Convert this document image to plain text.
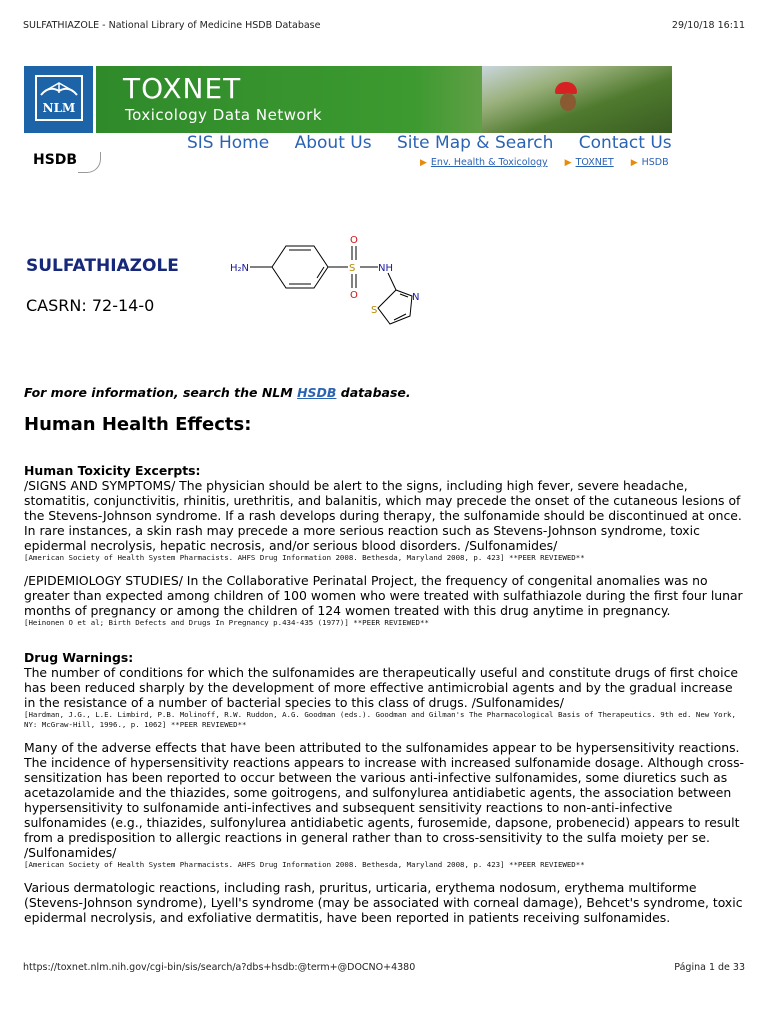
SULFATHIAZOLE - National Library of Medicine HSDB Database	29/10/18 16:11
NLM
TOXNET
Toxicology Data Network
SIS Home About Us Site Map & Search Contact Us
HSDB	▶ Env. Health & Toxicology ▶ TOXNET ▶ HSDB
SULFATHIAZOLE
CASRN: 72-14-0
H₂N	S
O
O
NH
N
S
For more information, search the NLM HSDB database.
Human Health Effects:
Human Toxicity Excerpts:

/SIGNS AND SYMPTOMS/ The physician should be alert to the signs, including high fever, severe headache, stomatitis, conjunctivitis, rhinitis, urethritis, and balanitis, which may precede the onset of the cutaneous lesions of the Stevens-Johnson syndrome. If a rash develops during therapy, the sulfonamide should be discontinued at once. In rare instances, a skin rash may precede a more serious reaction such as Stevens-Johnson syndrome, toxic epidermal necrolysis, hepatic necrosis, and/or serious blood disorders. /Sulfonamides/

[American Society of Health System Pharmacists. AHFS Drug Information 2008. Bethesda, Maryland 2008, p. 423] **PEER REVIEWED**

/EPIDEMIOLOGY STUDIES/ In the Collaborative Perinatal Project, the frequency of congenital anomalies was no greater than expected among children of 100 women who were treated with sulfathiazole during the first four lunar months of pregnancy or among the children of 124 women treated with this drug anytime in pregnancy.

[Heinonen O et al; Birth Defects and Drugs In Pregnancy p.434-435 (1977)] **PEER REVIEWED**

Drug Warnings:

The number of conditions for which the sulfonamides are therapeutically useful and constitute drugs of first choice has been reduced sharply by the development of more effective antimicrobial agents and by the gradual increase in the resistance of a number of bacterial species to this class of drugs. /Sulfonamides/

[Hardman, J.G., L.E. Limbird, P.B. Molinoff, R.W. Ruddon, A.G. Goodman (eds.). Goodman and Gilman's The Pharmacological Basis of Therapeutics. 9th ed. New York, NY: McGraw-Hill, 1996., p. 1062] **PEER REVIEWED**

Many of the adverse effects that have been attributed to the sulfonamides appear to be hypersensitivity reactions. The incidence of hypersensitivity reactions appears to increase with increased sulfonamide dosage. Although cross-sensitization has been reported to occur between the various anti-infective sulfonamides, some diuretics such as acetazolamide and the thiazides, some goitrogens, and sulfonylurea antidiabetic agents, the association between hypersensitivity to sulfonamide anti-infectives and subsequent sensitivity reactions to non-anti-infective sulfonamides (e.g., thiazides, sulfonylurea antidiabetic agents, furosemide, dapsone, probenecid) appears to result from a predisposition to allergic reactions in general rather than to cross-sensitivity to the sulfa moiety per se. /Sulfonamides/

[American Society of Health System Pharmacists. AHFS Drug Information 2008. Bethesda, Maryland 2008, p. 423] **PEER REVIEWED**

Various dermatologic reactions, including rash, pruritus, urticaria, erythema nodosum, erythema multiforme (Stevens-Johnson syndrome), Lyell's syndrome (may be associated with corneal damage), Behcet's syndrome, toxic epidermal necrolysis, and exfoliative dermatitis, have been reported in patients receiving sulfonamides.

https://toxnet.nlm.nih.gov/cgi-bin/sis/search/a?dbs+hsdb:@term+@DOCNO+4380	Página 1 de 33
